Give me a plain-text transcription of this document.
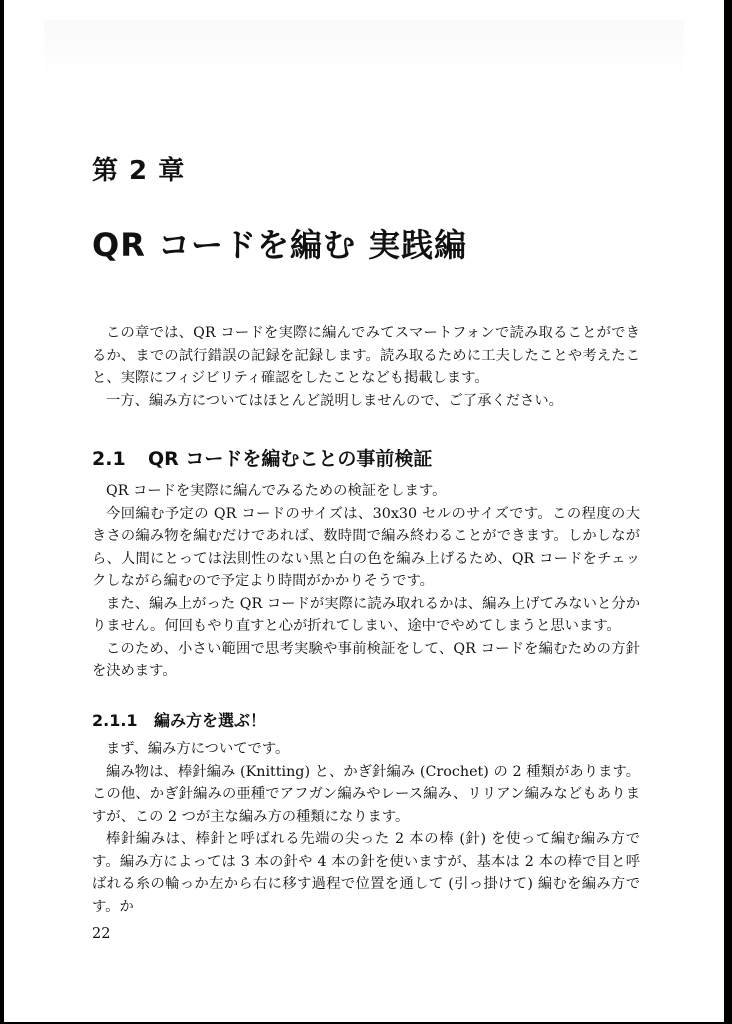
第 2 章
QR コードを編む 実践編

この章では、QR コードを実際に編んでみてスマートフォンで読み取ることができるか、までの試行錯誤の記録を記録します。読み取るために工夫したことや考えたこと、実際にフィジビリティ確認をしたことなども掲載します。

一方、編み方についてはほとんど説明しませんので、ご了承ください。

2.1 QR コードを編むことの事前検証

QR コードを実際に編んでみるための検証をします。

今回編む予定の QR コードのサイズは、30x30 セルのサイズです。この程度の大きさの編み物を編むだけであれば、数時間で編み終わることができます。しかしながら、人間にとっては法則性のない黒と白の色を編み上げるため、QR コードをチェックしながら編むので予定より時間がかかりそうです。

また、編み上がった QR コードが実際に読み取れるかは、編み上げてみないと分かりません。何回もやり直すと心が折れてしまい、途中でやめてしまうと思います。

このため、小さい範囲で思考実験や事前検証をして、QR コードを編むための方針を決めます。

2.1.1 編み方を選ぶ！

まず、編み方についてです。

編み物は、棒針編み (Knitting) と、かぎ針編み (Crochet) の 2 種類があります。この他、かぎ針編みの亜種でアフガン編みやレース編み、リリアン編みなどもありますが、この 2 つが主な編み方の種類になります。

棒針編みは、棒針と呼ばれる先端の尖った 2 本の棒 (針) を使って編む編み方です。編み方によっては 3 本の針や 4 本の針を使いますが、基本は 2 本の棒で目と呼ばれる糸の輪っか左から右に移す過程で位置を通して (引っ掛けて) 編むを編み方です。か

22
